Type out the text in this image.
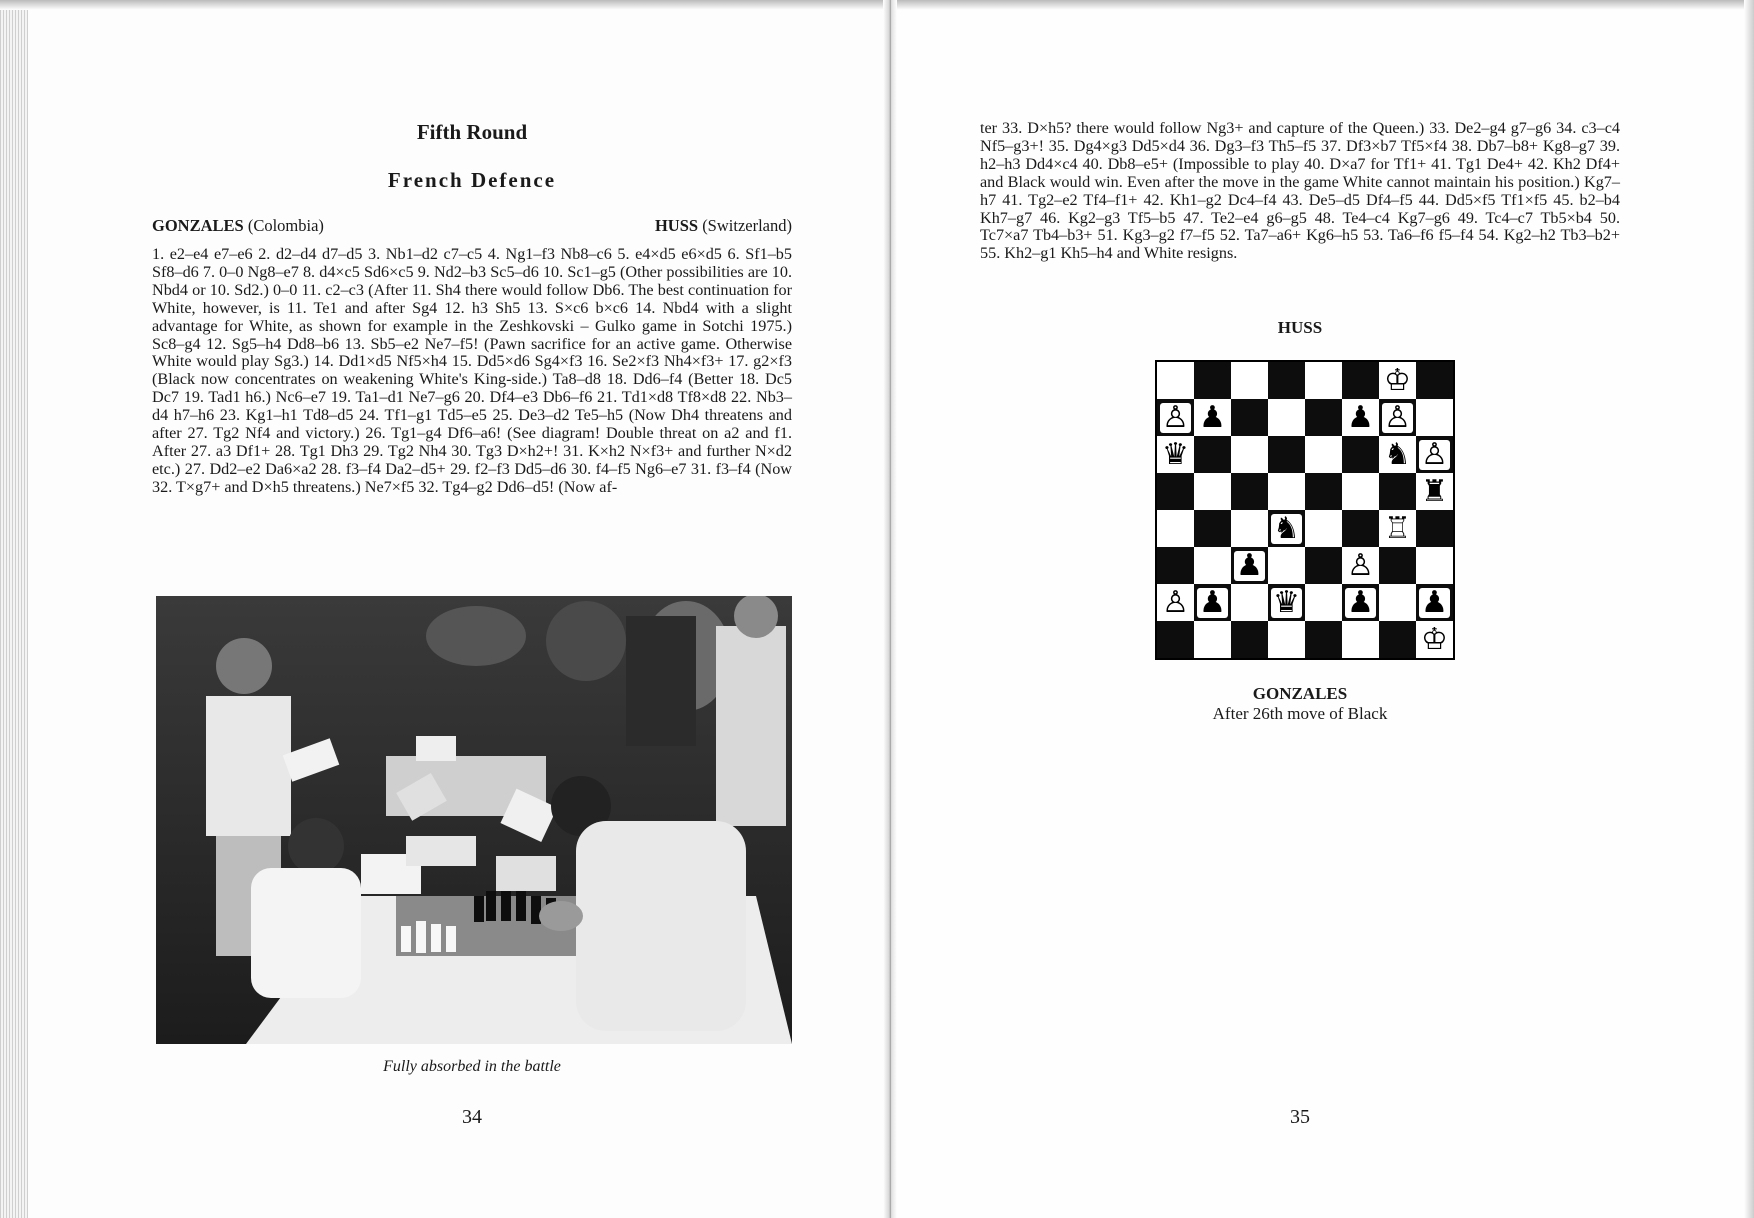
Fifth Round
French Defence
GONZALES (Colombia)	HUSS (Switzerland)
1. e2–e4 e7–e6 2. d2–d4 d7–d5 3. Nb1–d2 c7–c5 4. Ng1–f3 Nb8–c6 5. e4×d5 e6×d5 6. Sf1–b5 Sf8–d6 7. 0–0 Ng8–e7 8. d4×c5 Sd6×c5 9. Nd2–b3 Sc5–d6 10. Sc1–g5 (Other possibilities are 10. Nbd4 or 10. Sd2.) 0–0 11. c2–c3 (After 11. Sh4 there would follow Db6. The best continuation for White, however, is 11. Te1 and after Sg4 12. h3 Sh5 13. S×c6 b×c6 14. Nbd4 with a slight advantage for White, as shown for example in the Zeshkovski – Gulko game in Sotchi 1975.) Sc8–g4 12. Sg5–h4 Dd8–b6 13. Sb5–e2 Ne7–f5! (Pawn sacrifice for an active game. Otherwise White would play Sg3.) 14. Dd1×d5 Nf5×h4 15. Dd5×d6 Sg4×f3 16. Se2×f3 Nh4×f3+ 17. g2×f3 (Black now concentrates on weakening White's King-side.) Ta8–d8 18. Dd6–f4 (Better 18. Dc5 Dc7 19. Tad1 h6.) Nc6–e7 19. Ta1–d1 Ne7–g6 20. Df4–e3 Db6–f6 21. Td1×d8 Tf8×d8 22. Nb3–d4 h7–h6 23. Kg1–h1 Td8–d5 24. Tf1–g1 Td5–e5 25. De3–d2 Te5–h5 (Now Dh4 threatens and after 27. Tg2 Nf4 and victory.) 26. Tg1–g4 Df6–a6! (See diagram! Double threat on a2 and f1. After 27. a3 Df1+ 28. Tg1 Dh3 29. Tg2 Nh4 30. Tg3 D×h2+! 31. K×h2 N×f3+ and further N×d2 etc.) 27. Dd2–e2 Da6×a2 28. f3–f4 Da2–d5+ 29. f2–f3 Dd5–d6 30. f4–f5 Ng6–e7 31. f3–f4 (Now 32. T×g7+ and D×h5 threatens.) Ne7×f5 32. Tg4–g2 Dd6–d5! (Now af-
Fully absorbed in the battle
34
ter 33. D×h5? there would follow Ng3+ and capture of the Queen.) 33. De2–g4 g7–g6 34. c3–c4 Nf5–g3+! 35. Dg4×g3 Dd5×d4 36. Dg3–f3 Th5–f5 37. Df3×b7 Tf5×f4 38. Db7–b8+ Kg8–g7 39. h2–h3 Dd4×c4 40. Db8–e5+ (Impossible to play 40. D×a7 for Tf1+ 41. Tg1 De4+ 42. Kh2 Df4+ and Black would win. Even after the move in the game White cannot maintain his position.) Kg7–h7 41. Tg2–e2 Tf4–f1+ 42. Kh1–g2 Dc4–f4 43. De5–d5 Df4–f5 44. Dd5×f5 Tf1×f5 45. b2–b4 Kh7–g7 46. Kg2–g3 Tf5–b5 47. Te2–e4 g6–g5 48. Te4–c4 Kg7–g6 49. Tc4–c7 Tb5×b4 50. Tc7×a7 Tb4–b3+ 51. Kg3–g2 f7–f5 52. Ta7–a6+ Kg6–h5 53. Ta6–f6 f5–f4 54. Kg2–h2 Tb3–b2+ 55. Kh2–g1 Kh5–h4 and White resigns.
HUSS
♔
♙ ♟	♟ ♙
♛	♞ ♙
♜
♞	♖
♟	♙
♙ ♟ ♛ ♟ ♟
♔
GONZALES
After 26th move of Black
35
